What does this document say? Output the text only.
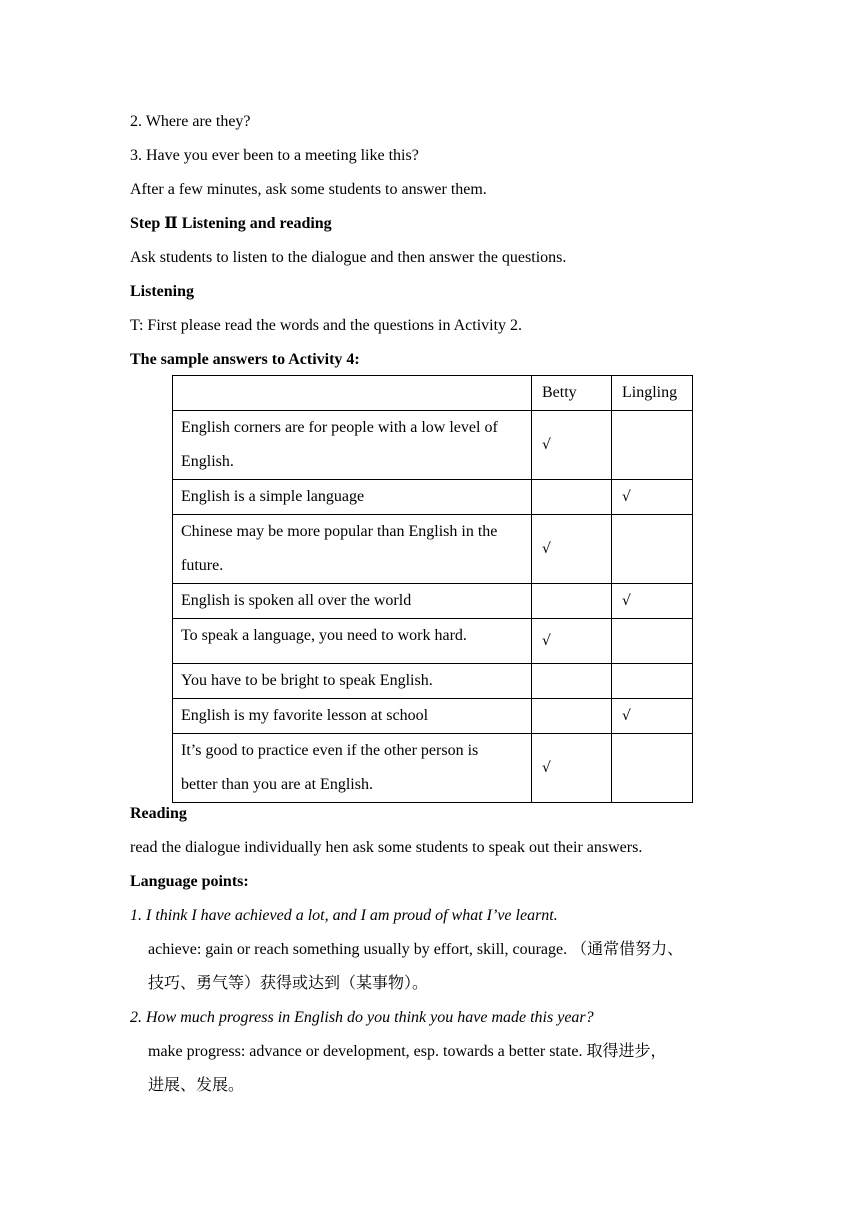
2. Where are they?
3. Have you ever been to a meeting like this?
After a few minutes, ask some students to answer them.
Step Ⅱ Listening and reading
Ask students to listen to the dialogue and then answer the questions.
Listening
T: First please read the words and the questions in Activity 2.
The sample answers to Activity 4:
	Betty	Lingling

English corners are for people with a low level of
English.	√	
English is a simple language		√

Chinese may be more popular than English in the
future.	√	
English is spoken all over the world		√
To speak a language, you need to work hard.	√	
You have to be bright to speak English.		
English is my favorite lesson at school		√

It’s good to practice even if the other person is
better than you are at English.	√	
Reading
read the dialogue individually hen ask some students to speak out their answers.
Language points:
1. I think I have achieved a lot, and I am proud of what I’ve learnt.
achieve: gain or reach something usually by effort, skill, courage. （通常借努力、
技巧、勇气等）获得或达到（某事物）。
2. How much progress in English do you think you have made this year?
make progress: advance or development, esp. towards a better state. 取得进步，
进展、发展。
